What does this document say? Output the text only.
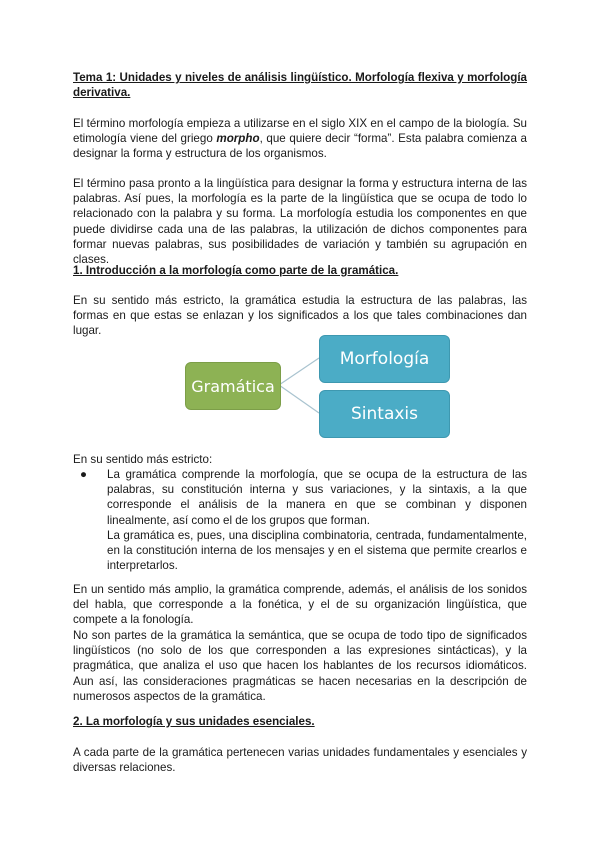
Tema 1: Unidades y niveles de análisis lingüístico. Morfología flexiva y morfología derivativa.

El término morfología empieza a utilizarse en el siglo XIX en el campo de la biología. Su etimología viene del griego morpho, que quiere decir “forma”. Esta palabra comienza a designar la forma y estructura de los organismos.

El término pasa pronto a la lingüística para designar la forma y estructura interna de las palabras. Así pues, la morfología es la parte de la lingüística que se ocupa de todo lo relacionado con la palabra y su forma. La morfología estudia los componentes en que puede dividirse cada una de las palabras, la utilización de dichos componentes para formar nuevas palabras, sus posibilidades de variación y también su agrupación en clases.

1. Introducción a la morfología como parte de la gramática.

En su sentido más estricto, la gramática estudia la estructura de las palabras, las formas en que estas se enlazan y los significados a los que tales combinaciones dan lugar.

Gramática
Morfología
Sintaxis

En su sentido más estricto:

● La gramática comprende la morfología, que se ocupa de la estructura de las palabras, su constitución interna y sus variaciones, y la sintaxis, a la que corresponde el análisis de la manera en que se combinan y disponen linealmente, así como el de los grupos que forman.

La gramática es, pues, una disciplina combinatoria, centrada, fundamentalmente, en la constitución interna de los mensajes y en el sistema que permite crearlos e interpretarlos.

En un sentido más amplio, la gramática comprende, además, el análisis de los sonidos del habla, que corresponde a la fonética, y el de su organización lingüística, que compete a la fonología.

No son partes de la gramática la semántica, que se ocupa de todo tipo de significados lingüísticos (no solo de los que corresponden a las expresiones sintácticas), y la pragmática, que analiza el uso que hacen los hablantes de los recursos idiomáticos. Aun así, las consideraciones pragmáticas se hacen necesarias en la descripción de numerosos aspectos de la gramática.

2. La morfología y sus unidades esenciales.

A cada parte de la gramática pertenecen varias unidades fundamentales y esenciales y diversas relaciones.
